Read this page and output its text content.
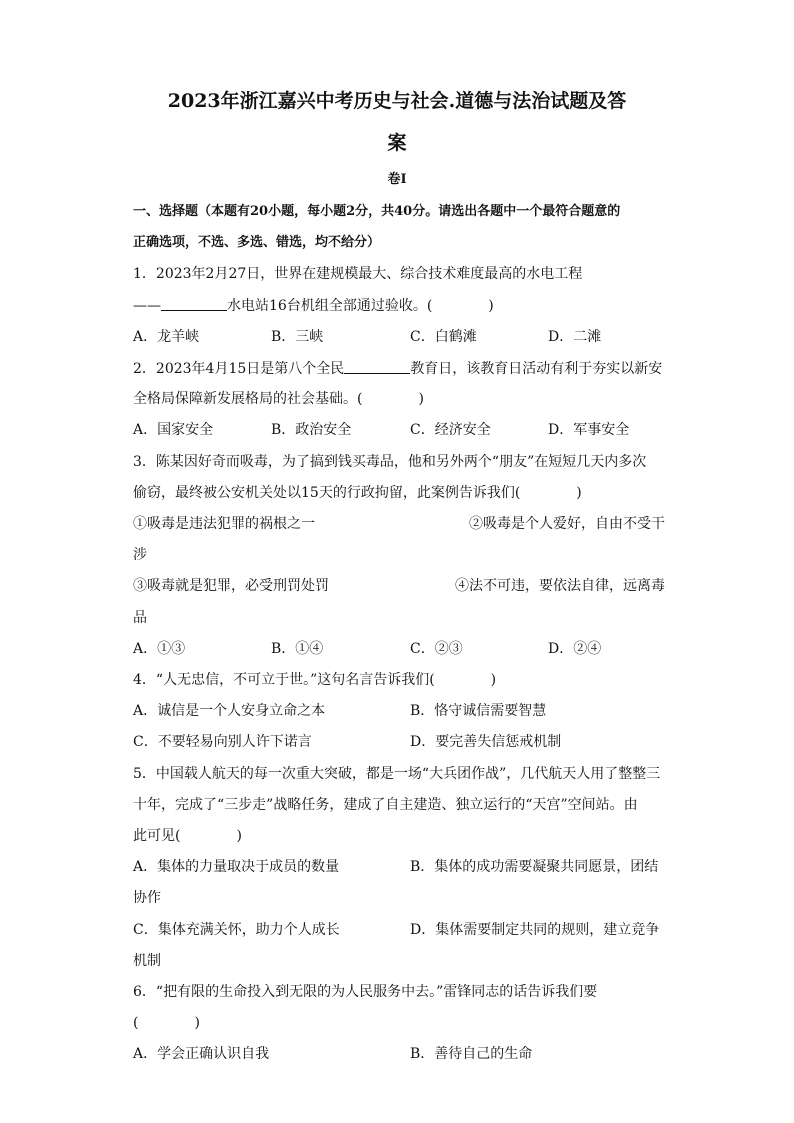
2023年浙江嘉兴中考历史与社会.道德与法治试题及答
案
卷Ⅰ
一、选择题（本题有20小题，每小题2分，共40分。请选出各题中一个最符合题意的
正确选项，不选、多选、错选，均不给分）
1．2023年2月27日，世界在建规模最大、综合技术难度最高的水电工程
——	水电站16台机组全部通过验收。(　　　　)
A．龙羊峡	B．三峡	C．白鹤滩	D．二滩
2．2023年4月15日是第八个全民	教育日，该教育日活动有利于夯实以新安
全格局保障新发展格局的社会基础。(　　　　)
A．国家安全	B．政治安全	C．经济安全	D．军事安全
3．陈某因好奇而吸毒，为了搞到钱买毒品，他和另外两个“朋友”在短短几天内多次
偷窃，最终被公安机关处以15天的行政拘留，此案例告诉我们(　　　　)
①吸毒是违法犯罪的祸根之一	②吸毒是个人爱好，自由不受干
涉
③吸毒就是犯罪，必受刑罚处罚	④法不可违，要依法自律，远离毒
品
A．①③	B．①④	C．②③	D．②④
4．“人无忠信，不可立于世。”这句名言告诉我们(　　　　)
A．诚信是一个人安身立命之本	B．恪守诚信需要智慧
C．不要轻易向别人许下诺言	D．要完善失信惩戒机制
5．中国载人航天的每一次重大突破，都是一场“大兵团作战”，几代航天人用了整整三
十年，完成了“三步走”战略任务，建成了自主建造、独立运行的“天宫”空间站。由
此可见(　　　　)
A．集体的力量取决于成员的数量	B．集体的成功需要凝聚共同愿景，团结
协作
C．集体充满关怀，助力个人成长	D．集体需要制定共同的规则，建立竞争
机制
6．“把有限的生命投入到无限的为人民服务中去。”雷锋同志的话告诉我们要
(　　　　)
A．学会正确认识自我	B．善待自己的生命
